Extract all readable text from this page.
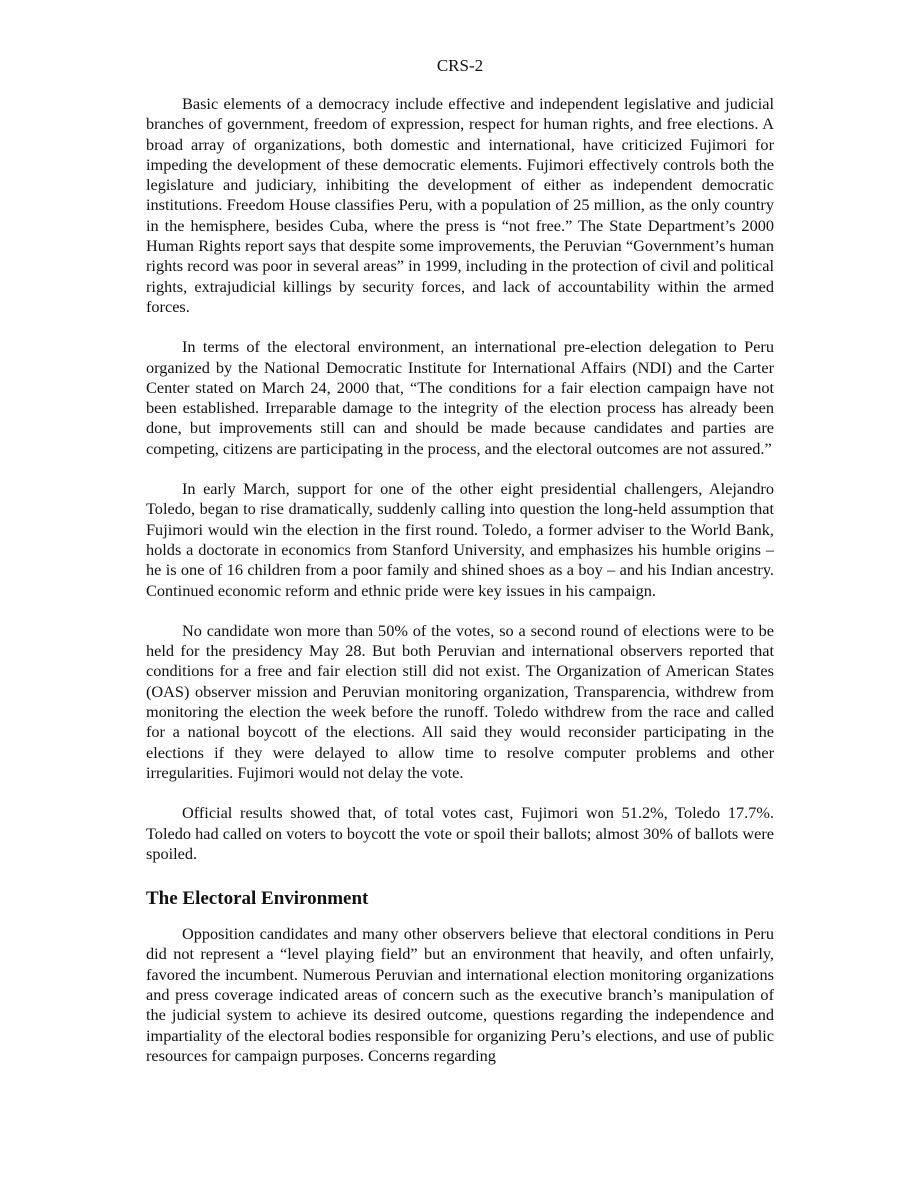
CRS-2

Basic elements of a democracy include effective and independent legislative and judicial branches of government, freedom of expression, respect for human rights, and free elections. A broad array of organizations, both domestic and international, have criticized Fujimori for impeding the development of these democratic elements. Fujimori effectively controls both the legislature and judiciary, inhibiting the development of either as independent democratic institutions. Freedom House classifies Peru, with a population of 25 million, as the only country in the hemisphere, besides Cuba, where the press is “not free.” The State Department’s 2000 Human Rights report says that despite some improvements, the Peruvian “Government’s human rights record was poor in several areas” in 1999, including in the protection of civil and political rights, extrajudicial killings by security forces, and lack of accountability within the armed forces.

In terms of the electoral environment, an international pre-election delegation to Peru organized by the National Democratic Institute for International Affairs (NDI) and the Carter Center stated on March 24, 2000 that, “The conditions for a fair election campaign have not been established. Irreparable damage to the integrity of the election process has already been done, but improvements still can and should be made because candidates and parties are competing, citizens are participating in the process, and the electoral outcomes are not assured.”

In early March, support for one of the other eight presidential challengers, Alejandro Toledo, began to rise dramatically, suddenly calling into question the long-held assumption that Fujimori would win the election in the first round. Toledo, a former adviser to the World Bank, holds a doctorate in economics from Stanford University, and emphasizes his humble origins – he is one of 16 children from a poor family and shined shoes as a boy – and his Indian ancestry. Continued economic reform and ethnic pride were key issues in his campaign.

No candidate won more than 50% of the votes, so a second round of elections were to be held for the presidency May 28. But both Peruvian and international observers reported that conditions for a free and fair election still did not exist. The Organization of American States (OAS) observer mission and Peruvian monitoring organization, Transparencia, withdrew from monitoring the election the week before the runoff. Toledo withdrew from the race and called for a national boycott of the elections. All said they would reconsider participating in the elections if they were delayed to allow time to resolve computer problems and other irregularities. Fujimori would not delay the vote.

Official results showed that, of total votes cast, Fujimori won 51.2%, Toledo 17.7%. Toledo had called on voters to boycott the vote or spoil their ballots; almost 30% of ballots were spoiled.

The Electoral Environment

Opposition candidates and many other observers believe that electoral conditions in Peru did not represent a “level playing field” but an environment that heavily, and often unfairly, favored the incumbent. Numerous Peruvian and international election monitoring organizations and press coverage indicated areas of concern such as the executive branch’s manipulation of the judicial system to achieve its desired outcome, questions regarding the independence and impartiality of the electoral bodies responsible for organizing Peru’s elections, and use of public resources for campaign purposes. Concerns regarding
